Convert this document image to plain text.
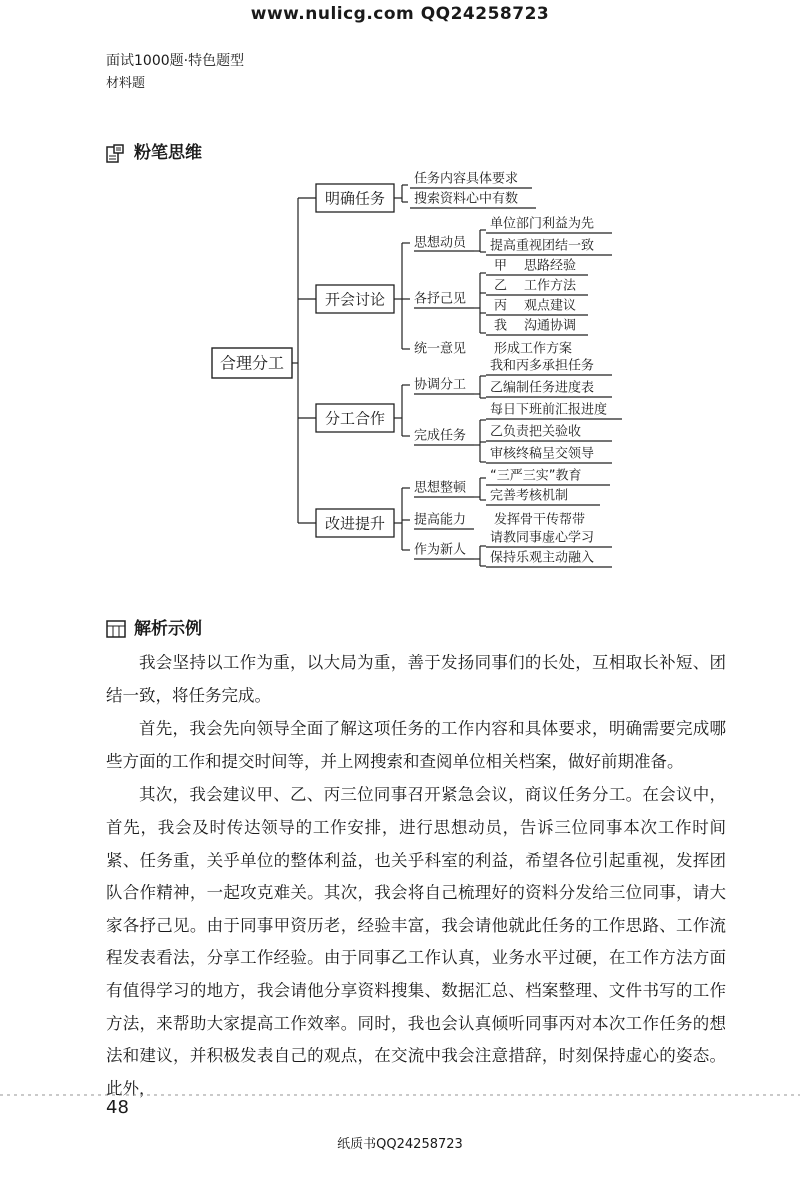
www.nulicg.com QQ24258723
面试1000题·特色题型
材料题
粉笔思维
合理分工
明确任务
开会讨论
分工合作
改进提升
任务内容具体要求
搜索资料心中有数
思想动员
单位部门利益为先
提高重视团结一致
各抒己见
甲 思路经验
乙 工作方法
丙 观点建议
我 沟通协调
统一意见 形成工作方案
协调分工
我和丙多承担任务
乙编制任务进度表
完成任务
每日下班前汇报进度
乙负责把关验收
审核终稿呈交领导
思想整顿
“三严三实”教育
完善考核机制
提高能力 发挥骨干传帮带
作为新人
请教同事虚心学习
保持乐观主动融入
解析示例

我会坚持以工作为重，以大局为重，善于发扬同事们的长处，互相取长补短、团结一致，将任务完成。

首先，我会先向领导全面了解这项任务的工作内容和具体要求，明确需要完成哪些方面的工作和提交时间等，并上网搜索和查阅单位相关档案，做好前期准备。

其次，我会建议甲、乙、丙三位同事召开紧急会议，商议任务分工。在会议中，首先，我会及时传达领导的工作安排，进行思想动员，告诉三位同事本次工作时间紧、任务重，关乎单位的整体利益，也关乎科室的利益，希望各位引起重视，发挥团队合作精神，一起攻克难关。其次，我会将自己梳理好的资料分发给三位同事，请大家各抒己见。由于同事甲资历老，经验丰富，我会请他就此任务的工作思路、工作流程发表看法，分享工作经验。由于同事乙工作认真，业务水平过硬，在工作方法方面有值得学习的地方，我会请他分享资料搜集、数据汇总、档案整理、文件书写的工作方法，来帮助大家提高工作效率。同时，我也会认真倾听同事丙对本次工作任务的想法和建议，并积极发表自己的观点，在交流中我会注意措辞，时刻保持虚心的姿态。此外，

48
纸质书QQ24258723
